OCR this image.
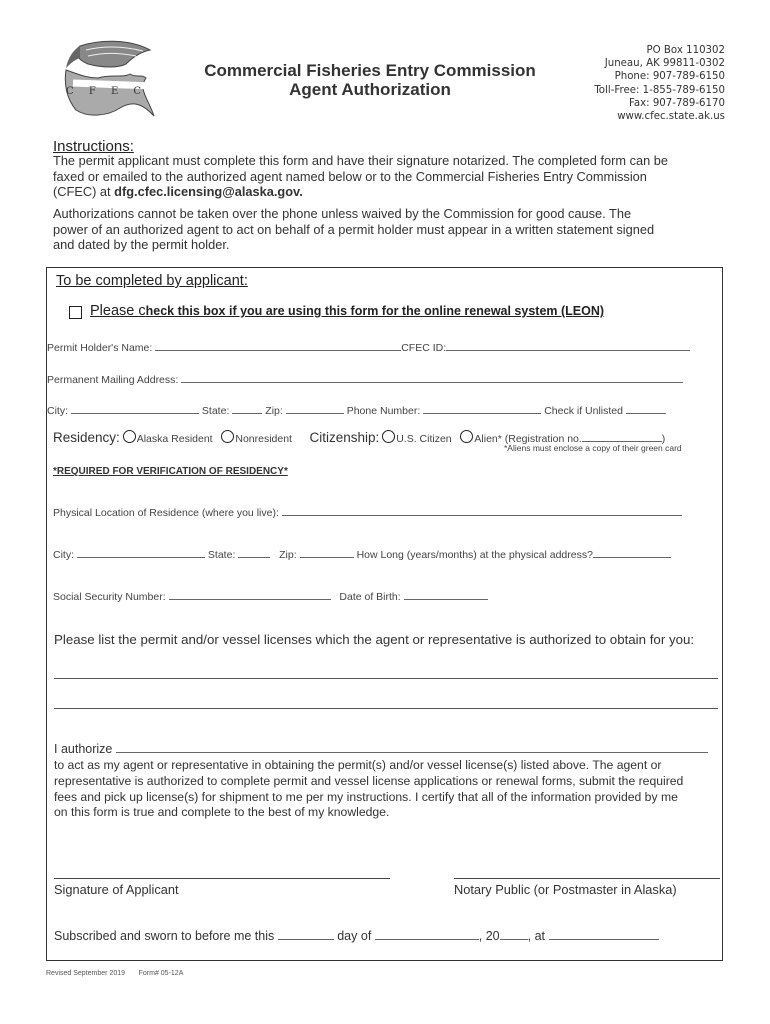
C F E C
Commercial Fisheries Entry Commission
Agent Authorization
PO Box 110302
Juneau, AK 99811-0302
Phone: 907-789-6150
Toll-Free: 1-855-789-6150
Fax: 907-789-6170
www.cfec.state.ak.us
Instructions:
The permit applicant must complete this form and have their signature notarized. The completed form can be
faxed or emailed to the authorized agent named below or to the Commercial Fisheries Entry Commission
(CFEC) at dfg.cfec.licensing@alaska.gov.
Authorizations cannot be taken over the phone unless waived by the Commission for good cause. The
power of an authorized agent to act on behalf of a permit holder must appear in a written statement signed
and dated by the permit holder.
To be completed by applicant:
Please check this box if you are using this form for the online renewal system (LEON)
Permit Holder's Name:	CFEC ID:
Permanent Mailing Address:
City:	State:	Zip:	Phone Number:	Check if Unlisted
Residency: Alaska Resident Nonresident Citizenship: U.S. Citizen Alien* (Registration no.	)
*Aliens must enclose a copy of their green card
*REQUIRED FOR VERIFICATION OF RESIDENCY*
Physical Location of Residence (where you live):
City:	State:	Zip:	How Long (years/months) at the physical address?
Social Security Number:	Date of Birth:
Please list the permit and/or vessel licenses which the agent or representative is authorized to obtain for you:
I authorize
to act as my agent or representative in obtaining the permit(s) and/or vessel license(s) listed above. The agent or
representative is authorized to complete permit and vessel license applications or renewal forms, submit the required
fees and pick up license(s) for shipment to me per my instructions. I certify that all of the information provided by me
on this form is true and complete to the best of my knowledge.
Signature of Applicant	Notary Public (or Postmaster in Alaska)
Subscribed and sworn to before me this	day of	, 20 , at
Revised September 2019 Form# 05-12A
